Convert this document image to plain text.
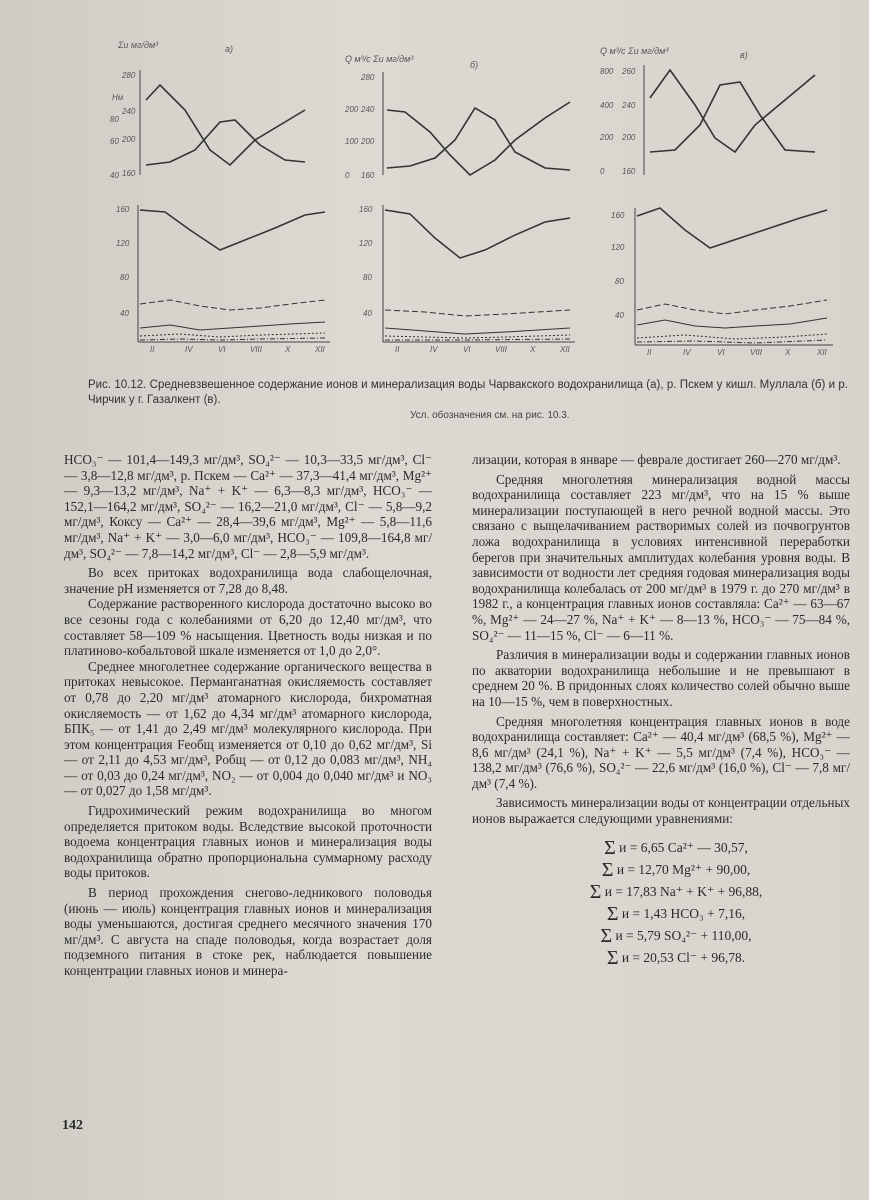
Σи мг/дм³	a)
Нм
280
240
200
160
80
60
40
Q м³/с Σи мг/дм³
б)
280
240
200
160
200
100
0
Q м³/с Σи мг/дм³	в)
260
240
200
160
800
400
200
0
160
120
80
40
II	IV	VI	VIII	X	XII
160
120
80
40
II	IV	VI	VIII	X	XII
160
120
80
40
II	IV	VI	VIII	X	XII
Рис. 10.12. Средневзвешенное содержание ионов и минерализация воды Чарвакского водохранилища (а), р. Пскем у кишл. Муллала (б) и р. Чирчик у г. Газалкент (в).
Усл. обозначения см. на рис. 10.3.

HCO₃⁻ — 101,4—149,3 мг/дм³, SO₄²⁻ — 10,3—33,5 мг/дм³, Cl⁻ — 3,8—12,8 мг/дм³, р. Пскем — Ca²⁺ — 37,3—41,4 мг/дм³, Mg²⁺ — 9,3—13,2 мг/дм³, Na⁺ + K⁺ — 6,3—8,3 мг/дм³, HCO₃⁻ — 152,1—164,2 мг/дм³, SO₄²⁻ — 16,2—21,0 мг/дм³, Cl⁻ — 5,8—9,2 мг/дм³, Коксу — Ca²⁺ — 28,4—39,6 мг/дм³, Mg²⁺ — 5,8—11,6 мг/дм³, Na⁺ + K⁺ — 3,0—6,0 мг/дм³, HCO₃⁻ — 109,8—164,8 мг/дм³, SO₄²⁻ — 7,8—14,2 мг/дм³, Cl⁻ — 2,8—5,9 мг/дм³.

Во всех притоках водохранилища вода слабощелочная, значение рН изменяется от 7,28 до 8,48.

Содержание растворенного кислорода достаточно высоко во все сезоны года с колебаниями от 6,20 до 12,40 мг/дм³, что составляет 58—109 % насыщения. Цветность воды низкая и по платиново-кобальтовой шкале изменяется от 1,0 до 2,0°.

Среднее многолетнее содержание органического вещества в притоках невысокое. Перманганатная окисляемость составляет от 0,78 до 2,20 мг/дм³ атомарного кислорода, бихроматная окисляемость — от 1,62 до 4,34 мг/дм³ атомарного кислорода, БПК₅ — от 1,41 до 2,49 мг/дм³ молекулярного кислорода. При этом концентрация Feобщ изменяется от 0,10 до 0,62 мг/дм³, Si — от 2,11 до 4,53 мг/дм³, Pобщ — от 0,12 до 0,083 мг/дм³, NH₄ — от 0,03 до 0,24 мг/дм³, NO₂ — от 0,004 до 0,040 мг/дм³ и NO₃ — от 0,027 до 1,58 мг/дм³.

Гидрохимический режим водохранилища во многом определяется притоком воды. Вследствие высокой проточности водоема концентрация главных ионов и минерализация воды водохранилища обратно пропорциональна суммарному расходу воды притоков.

В период прохождения снегово-ледникового половодья (июнь — июль) концентрация главных ионов и минерализация воды уменьшаются, достигая среднего месячного значения 170 мг/дм³. С августа на спаде половодья, когда возрастает доля подземного питания в стоке рек, наблюдается повышение концентрации главных ионов и минера-

лизации, которая в январе — феврале достигает 260—270 мг/дм³.

Средняя многолетняя минерализация водной массы водохранилища составляет 223 мг/дм³, что на 15 % выше минерализации поступающей в него речной водной массы. Это связано с выщелачиванием растворимых солей из почвогрунтов ложа водохранилища в условиях интенсивной переработки берегов при значительных амплитудах колебания уровня воды. В зависимости от водности лет средняя годовая минерализация воды водохранилища колебалась от 200 мг/дм³ в 1979 г. до 270 мг/дм³ в 1982 г., а концентрация главных ионов составляла: Ca²⁺ — 63—67 %, Mg²⁺ — 24—27 %, Na⁺ + K⁺ — 8—13 %, HCO₃⁻ — 75—84 %, SO₄²⁻ — 11—15 %, Cl⁻ — 6—11 %.

Различия в минерализации воды и содержании главных ионов по акватории водохранилища небольшие и не превышают в среднем 20 %. В придонных слоях количество солей обычно выше на 10—15 %, чем в поверхностных.

Средняя многолетняя концентрация главных ионов в воде водохранилища составляет: Ca²⁺ — 40,4 мг/дм³ (68,5 %), Mg²⁺ — 8,6 мг/дм³ (24,1 %), Na⁺ + K⁺ — 5,5 мг/дм³ (7,4 %), HCO₃⁻ — 138,2 мг/дм³ (76,6 %), SO₄²⁻ — 22,6 мг/дм³ (16,0 %), Cl⁻ — 7,8 мг/дм³ (7,4 %).

Зависимость минерализации воды от концентрации отдельных ионов выражается следующими уравнениями:

Σ и = 6,65 Ca²⁺ — 30,57,
Σ и = 12,70 Mg²⁺ + 90,00,
Σ и = 17,83 Na⁺ + K⁺ + 96,88,
Σ и = 1,43 HCO₃ + 7,16,
Σ и = 5,79 SO₄²⁻ + 110,00,
Σ и = 20,53 Cl⁻ + 96,78.
142
